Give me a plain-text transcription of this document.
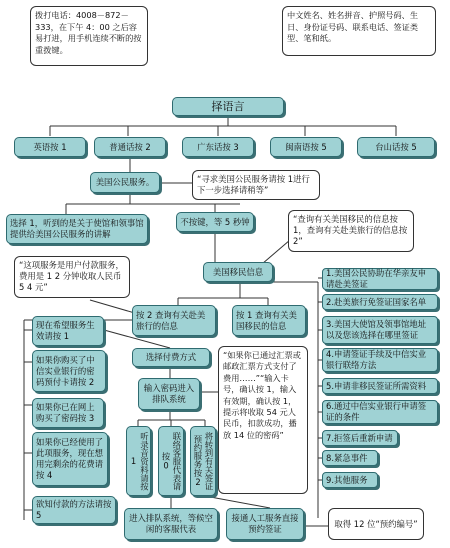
拨打电话：4008－872－333，在下午 4：00 之后容易打进，用手机连续不断的按重拨键。
中文姓名、姓名拼音、护照号码、生日、身份证号码、联系电话、签证类型、笔和纸。
择语言
英语按 1	普通话按 2	广东话按 3	闽南语按 5	台山话按 5
美国公民服务。	“寻求美国公民服务请按 1进行下一步选择请稍等”
选择 1，听到的是关于使馆和领事馆提供给美国公民服务的讲解
不按键，等 5 秒钟	“查询有关美国移民的信息按 1，查询有关赴美旅行的信息按 2”
美国移民信息
“这项服务是用户付款服务，费用是 1 2 分钟收取人民币 5 4 元”
按 2 查询有关赴美旅行的信息
按 1 查询有关美国移民的信息
现在希望服务生效请按 1
如果你购买了中信实业银行的密码预付卡请按 2
如果你已在网上购买了密码按 3
如果你已经使用了此项服务，现在想用完剩余的花费请按 4
欲知付款的方法请按 5
选择付费方式
输入密码进入排队系统
“如果你已通过汇票或邮政汇票方式支付了费用……”“输入卡号，确认按 1，输入有效期，确认按 1，提示将收取 54 元人民币，扣款成功，播放 14 位的密码”
听录音资料请按1	联络客服代表请按0	将转到有关签证预约服务按2
进入排队系统，等候空闲的客服代表
接通人工服务直接预约签证
取得 12 位“预约编号”
1.美国公民协助在华亲友申请赴美签证
2.赴美旅行免签证国家名单
3.美国大使馆及领事馆地址以及您该选择在哪里签证
4.申请签证手续及中信实业银行联络方法
5.申请非移民签证所需资料
6.通过中信实业银行申请签证的条件
7.拒签后重新申请
8.紧急事件
9.其他服务
